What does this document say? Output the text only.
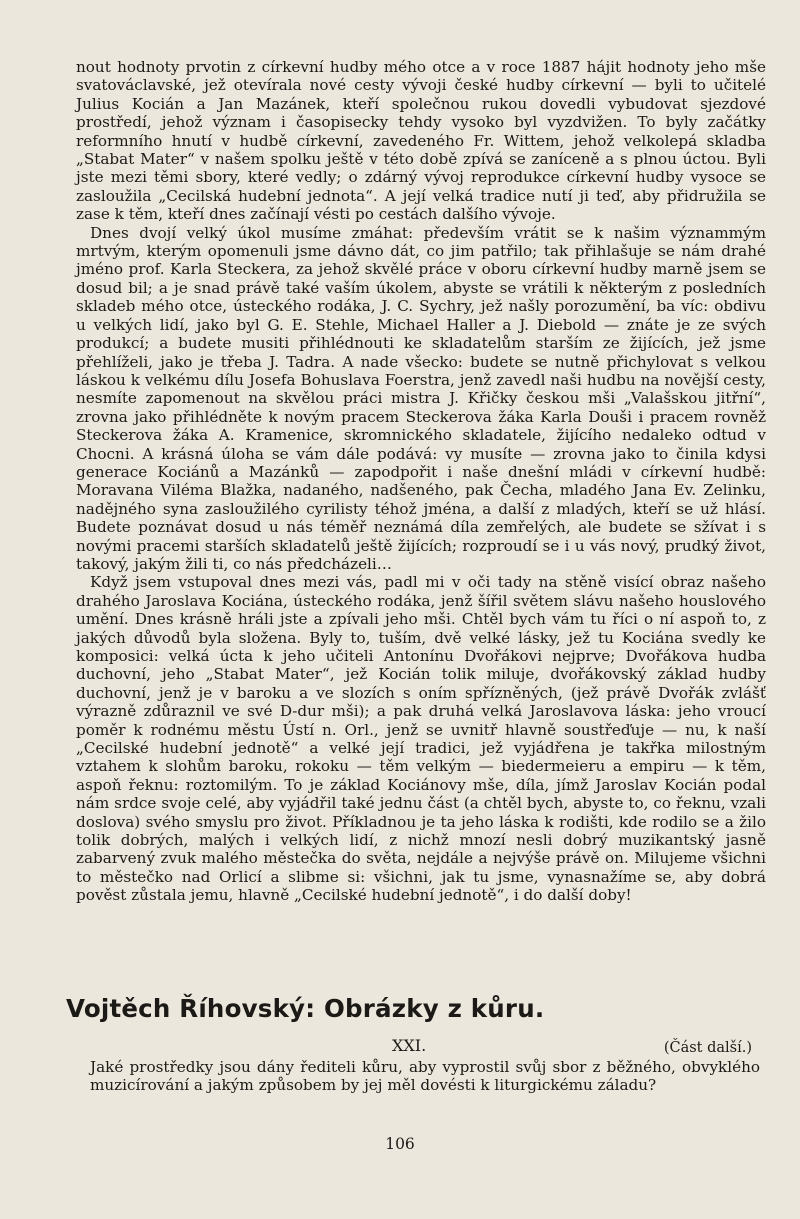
nout hodnoty prvotin z církevní hudby mého otce a v roce 1887 hájit hodnoty jeho mše svatováclavské, jež otevírala nové cesty vývoji české hudby církevní — byli to učitelé Julius Kocián a Jan Mazánek, kteří společnou rukou dovedli vybudovat sjezdové prostředí, jehož význam i časopisecky tehdy vysoko byl vyzdvižen. To byly začátky reformního hnutí v hudbě církevní, zavedeného Fr. Wittem, jehož velkolepá skladba „Stabat Mater“ v našem spolku ještě v této době zpívá se zaníceně a s plnou úctou. Byli jste mezi těmi sbory, které vedly; o zdárný vývoj reprodukce církevní hudby vysoce se zasloužila „Cecilská hudební jednota“. A její velká tradice nutí ji teď, aby přidružila se zase k těm, kteří dnes začínají vésti po cestách dalšího vývoje.

Dnes dvojí velký úkol musíme zmáhat: především vrátit se k našim význammým mrtvým, kterým opomenuli jsme dávno dát, co jim patřilo; tak přihlašuje se nám drahé jméno prof. Karla Steckera, za jehož skvělé práce v oboru církevní hudby marně jsem se dosud bil; a je snad právě také vaším úkolem, abyste se vrátili k některým z posledních skladeb mého otce, ústeckého rodáka, J. C. Sychry, jež našly porozumění, ba víc: obdivu u velkých lidí, jako byl G. E. Stehle, Michael Haller a J. Diebold — znáte je ze svých produkcí; a budete musiti přihlédnouti ke skladatelům starším ze žijících, jež jsme přehlíželi, jako je třeba J. Tadra. A nade všecko: budete se nutně přichylovat s velkou láskou k velkému dílu Josefa Bohuslava Foerstra, jenž zavedl naši hudbu na novější cesty, nesmíte zapomenout na skvělou práci mistra J. Křičky českou mši „Valašskou jitřní“, zrovna jako přihlédněte k novým pracem Steckerova žáka Karla Douši i pracem rovněž Steckerova žáka A. Kramenice, skromnického skladatele, žijícího nedaleko odtud v Chocni. A krásná úloha se vám dále podává: vy musíte — zrovna jako to činila kdysi generace Kociánů a Mazánků — zapodpořit i naše dnešní mládi v církevní hudbě: Moravana Viléma Blažka, nadaného, nadšeného, pak Čecha, mladého Jana Ev. Zelinku, nadějného syna zasloužilého cyrilisty téhož jména, a další z mladých, kteří se už hlásí. Budete poznávat dosud u nás téměř neznámá díla zemřelých, ale budete se sžívat i s novými pracemi starších skladatelů ještě žijících; rozproudí se i u vás nový, prudký život, takový, jakým žili ti, co nás předcházeli…

Když jsem vstupoval dnes mezi vás, padl mi v oči tady na stěně visící obraz našeho drahého Jaroslava Kociána, ústeckého rodáka, jenž šířil světem slávu našeho houslového umění. Dnes krásně hráli jste a zpívali jeho mši. Chtěl bych vám tu říci o ní aspoň to, z jakých důvodů byla složena. Byly to, tuším, dvě velké lásky, jež tu Kociána svedly ke komposici: velká úcta k jeho učiteli Antonínu Dvořákovi nejprve; Dvořákova hudba duchovní, jeho „Stabat Mater“, jež Kocián tolik miluje, dvořákovský základ hudby duchovní, jenž je v baroku a ve slozích s oním spřízněných, (jež právě Dvořák zvlášť výrazně zdůraznil ve své D-dur mši); a pak druhá velká Jaroslavova láska: jeho vroucí poměr k rodnému městu Ústí n. Orl., jenž se uvnitř hlavně soustřeďuje — nu, k naší „Cecilské hudební jednotě“ a velké její tradici, jež vyjádřena je takřka milostným vztahem k slohům baroku, rokoku — těm velkým — biedermeieru a empiru — k těm, aspoň řeknu: roztomilým. To je základ Kociánovy mše, díla, jímž Jaroslav Kocián podal nám srdce svoje celé, aby vyjádřil také jednu část (a chtěl bych, abyste to, co řeknu, vzali doslova) svého smyslu pro život. Příkladnou je ta jeho láska k rodišti, kde rodilo se a žilo tolik dobrých, malých i velkých lidí, z nichž mnozí nesli dobrý muzikantský jasně zabarvený zvuk malého městečka do světa, nejdále a nejvýše právě on. Milujeme všichni to městečko nad Orlicí a slibme si: všichni, jak tu jsme, vynasnažíme se, aby dobrá pověst zůstala jemu, hlavně „Cecilské hudební jednotě“, i do další doby!

Vojtěch Říhovský: Obrázky z kůru.
XXI.	(Část další.)

Jaké prostředky jsou dány řediteli kůru, aby vyprostil svůj sbor z běžného, obvyklého muzicírování a jakým způsobem by jej měl dovésti k liturgickému záladu?

106
